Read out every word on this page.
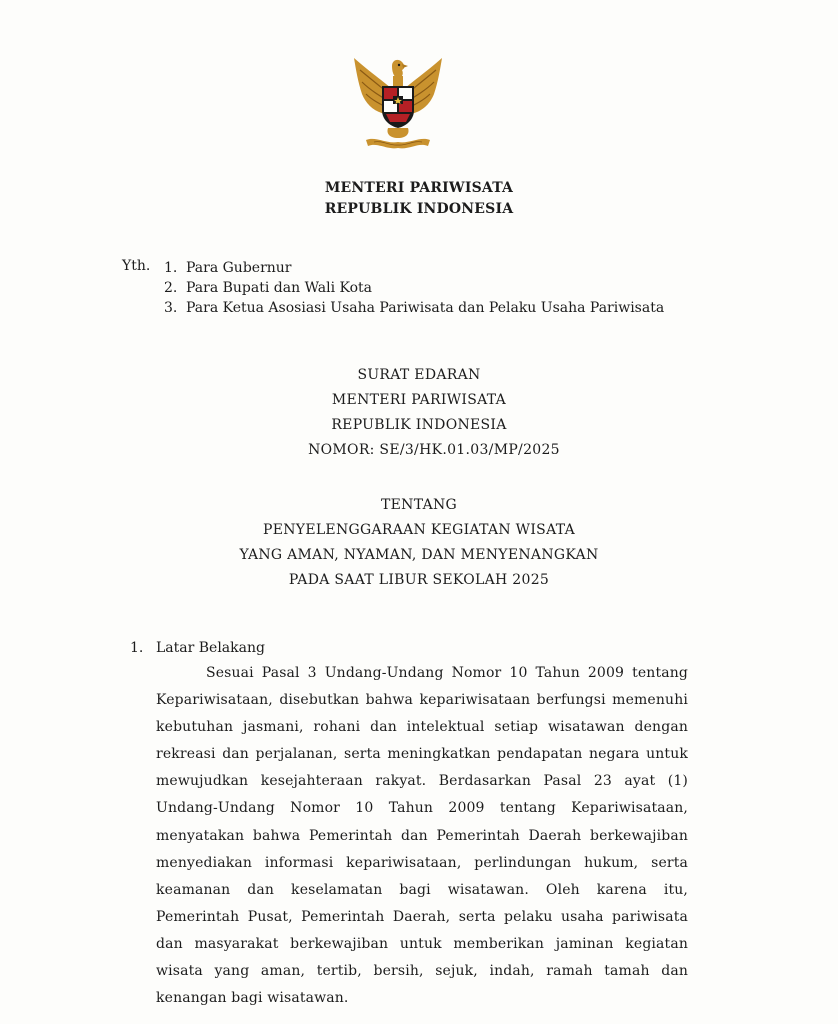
MENTERI PARIWISATA
REPUBLIK INDONESIA
Yth. 1. Para Gubernur
2. Para Bupati dan Wali Kota
3. Para Ketua Asosiasi Usaha Pariwisata dan Pelaku Usaha Pariwisata
SURAT EDARAN
MENTERI PARIWISATA
REPUBLIK INDONESIA
NOMOR: SE/3/HK.01.03/MP/2025
TENTANG
PENYELENGGARAAN KEGIATAN WISATA
YANG AMAN, NYAMAN, DAN MENYENANGKAN
PADA SAAT LIBUR SEKOLAH 2025
1. Latar Belakang

Sesuai Pasal 3 Undang-Undang Nomor 10 Tahun 2009 tentang Kepariwisataan, disebutkan bahwa kepariwisataan berfungsi memenuhi kebutuhan jasmani, rohani dan intelektual setiap wisatawan dengan rekreasi dan perjalanan, serta meningkatkan pendapatan negara untuk mewujudkan kesejahteraan rakyat. Berdasarkan Pasal 23 ayat (1) Undang-Undang Nomor 10 Tahun 2009 tentang Kepariwisataan, menyatakan bahwa Pemerintah dan Pemerintah Daerah berkewajiban menyediakan informasi kepariwisataan, perlindungan hukum, serta keamanan dan keselamatan bagi wisatawan. Oleh karena itu, Pemerintah Pusat, Pemerintah Daerah, serta pelaku usaha pariwisata dan masyarakat berkewajiban untuk memberikan jaminan kegiatan wisata yang aman, tertib, bersih, sejuk, indah, ramah tamah dan kenangan bagi wisatawan.
